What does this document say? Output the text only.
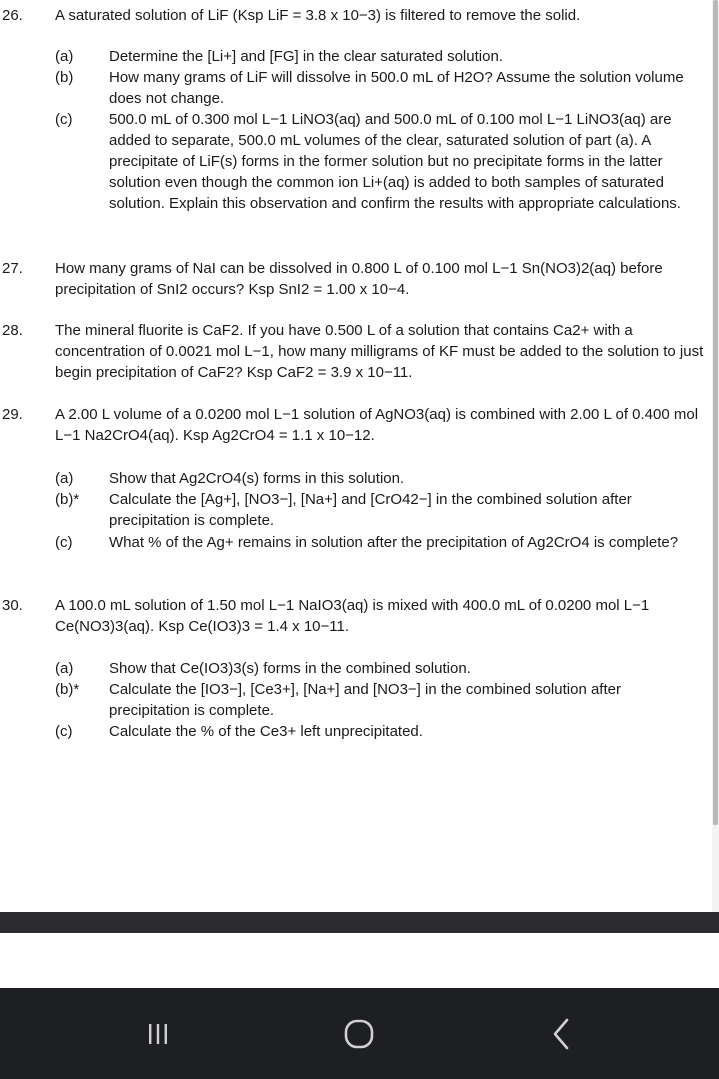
26. A saturated solution of LiF (Ksp LiF = 3.8 x 10−3) is filtered to remove the solid.
(a) Determine the [Li+] and [FG] in the clear saturated solution.
(b) How many grams of LiF will dissolve in 500.0 mL of H2O? Assume the solution volume does not change.
(c) 500.0 mL of 0.300 mol L−1 LiNO3(aq) and 500.0 mL of 0.100 mol L−1 LiNO3(aq) are added to separate, 500.0 mL volumes of the clear, saturated solution of part (a). A precipitate of LiF(s) forms in the former solution but no precipitate forms in the latter solution even though the common ion Li+(aq) is added to both samples of saturated solution. Explain this observation and confirm the results with appropriate calculations.
27. How many grams of NaI can be dissolved in 0.800 L of 0.100 mol L−1 Sn(NO3)2(aq) before precipitation of SnI2 occurs? Ksp SnI2 = 1.00 x 10−4.
28. The mineral fluorite is CaF2. If you have 0.500 L of a solution that contains Ca2+ with a concentration of 0.0021 mol L−1, how many milligrams of KF must be added to the solution to just begin precipitation of CaF2? Ksp CaF2 = 3.9 x 10−11.
29. A 2.00 L volume of a 0.0200 mol L−1 solution of AgNO3(aq) is combined with 2.00 L of 0.400 mol L−1 Na2CrO4(aq). Ksp Ag2CrO4 = 1.1 x 10−12.
(a) Show that Ag2CrO4(s) forms in this solution.
(b)* Calculate the [Ag+], [NO3−], [Na+] and [CrO42−] in the combined solution after precipitation is complete.
(c) What % of the Ag+ remains in solution after the precipitation of Ag2CrO4 is complete?
30. A 100.0 mL solution of 1.50 mol L−1 NaIO3(aq) is mixed with 400.0 mL of 0.0200 mol L−1 Ce(NO3)3(aq). Ksp Ce(IO3)3 = 1.4 x 10−11.
(a) Show that Ce(IO3)3(s) forms in the combined solution.
(b)* Calculate the [IO3−], [Ce3+], [Na+] and [NO3−] in the combined solution after precipitation is complete.
(c) Calculate the % of the Ce3+ left unprecipitated.
